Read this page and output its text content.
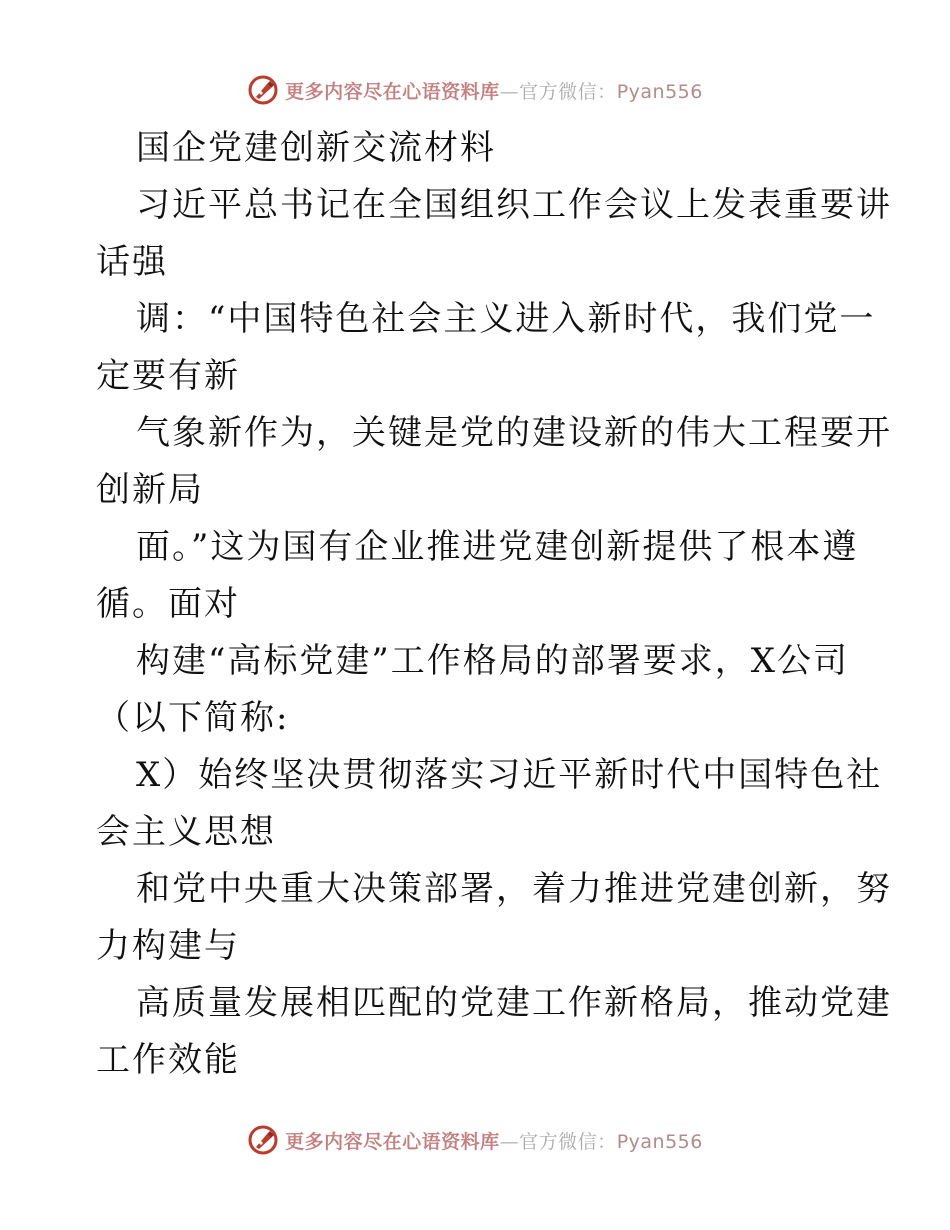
更多内容尽在心语资料库—官方微信：Pyan556
国企党建创新交流材料
习近平总书记在全国组织工作会议上发表重要讲
话强
调：“中国特色社会主义进入新时代，我们党一
定要有新
气象新作为，关键是党的建设新的伟大工程要开
创新局
面。”这为国有企业推进党建创新提供了根本遵
循。面对
构建“高标党建”工作格局的部署要求，X公司
（以下简称:
X）始终坚决贯彻落实习近平新时代中国特色社
会主义思想
和党中央重大决策部署，着力推进党建创新，努
力构建与
高质量发展相匹配的党建工作新格局，推动党建
工作效能
更多内容尽在心语资料库—官方微信：Pyan556
